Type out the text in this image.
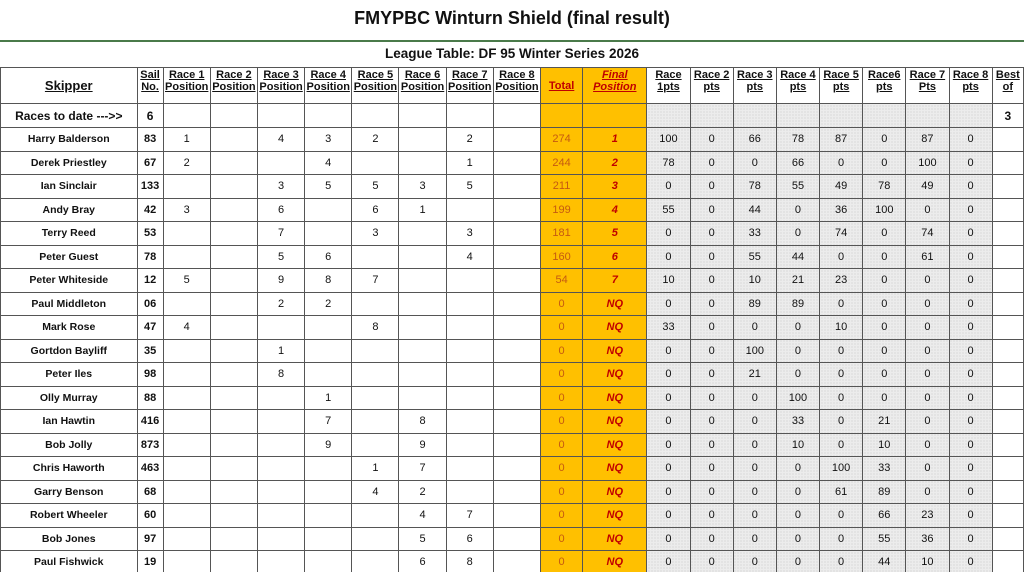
FMYPBC Winturn Shield (final result)
League Table: DF 95 Winter Series 2026
Skipper	Sail No.	Race 1 Position	Race 2 Position	Race 3 Position	Race 4 Position	Race 5 Position	Race 6 Position	Race 7 Position	Race 8 Position	Total	Final Position	Race 1pts	Race 2 pts	Race 3 pts	Race 4 pts	Race 5 pts	Race6 pts	Race 7 Pts	Race 8 pts	Best of
Races to date --->>	6																			3
Harry Balderson	83	1		4	3	2		2		274	1	100	0	66	78	87	0	87	0	
Derek Priestley	67	2			4			1		244	2	78	0	0	66	0	0	100	0	
Ian Sinclair	133			3	5	5	3	5		211	3	0	0	78	55	49	78	49	0	
Andy Bray	42	3		6		6	1			199	4	55	0	44	0	36	100	0	0	
Terry Reed	53			7		3		3		181	5	0	0	33	0	74	0	74	0	
Peter Guest	78			5	6			4		160	6	0	0	55	44	0	0	61	0	
Peter Whiteside	12	5		9	8	7				54	7	10	0	10	21	23	0	0	0	
Paul Middleton	06			2	2					0	NQ	0	0	89	89	0	0	0	0	
Mark Rose	47	4				8				0	NQ	33	0	0	0	10	0	0	0	
Gortdon Bayliff	35			1						0	NQ	0	0	100	0	0	0	0	0	
Peter Iles	98			8						0	NQ	0	0	21	0	0	0	0	0	
Olly Murray	88				1					0	NQ	0	0	0	100	0	0	0	0	
Ian Hawtin	416				7		8			0	NQ	0	0	0	33	0	21	0	0	
Bob Jolly	873				9		9			0	NQ	0	0	0	10	0	10	0	0	
Chris Haworth	463					1	7			0	NQ	0	0	0	0	100	33	0	0	
Garry Benson	68					4	2			0	NQ	0	0	0	0	61	89	0	0	
Robert Wheeler	60						4	7		0	NQ	0	0	0	0	0	66	23	0	
Bob Jones	97						5	6		0	NQ	0	0	0	0	0	55	36	0	
Paul Fishwick	19						6	8		0	NQ	0	0	0	0	0	44	10	0	
